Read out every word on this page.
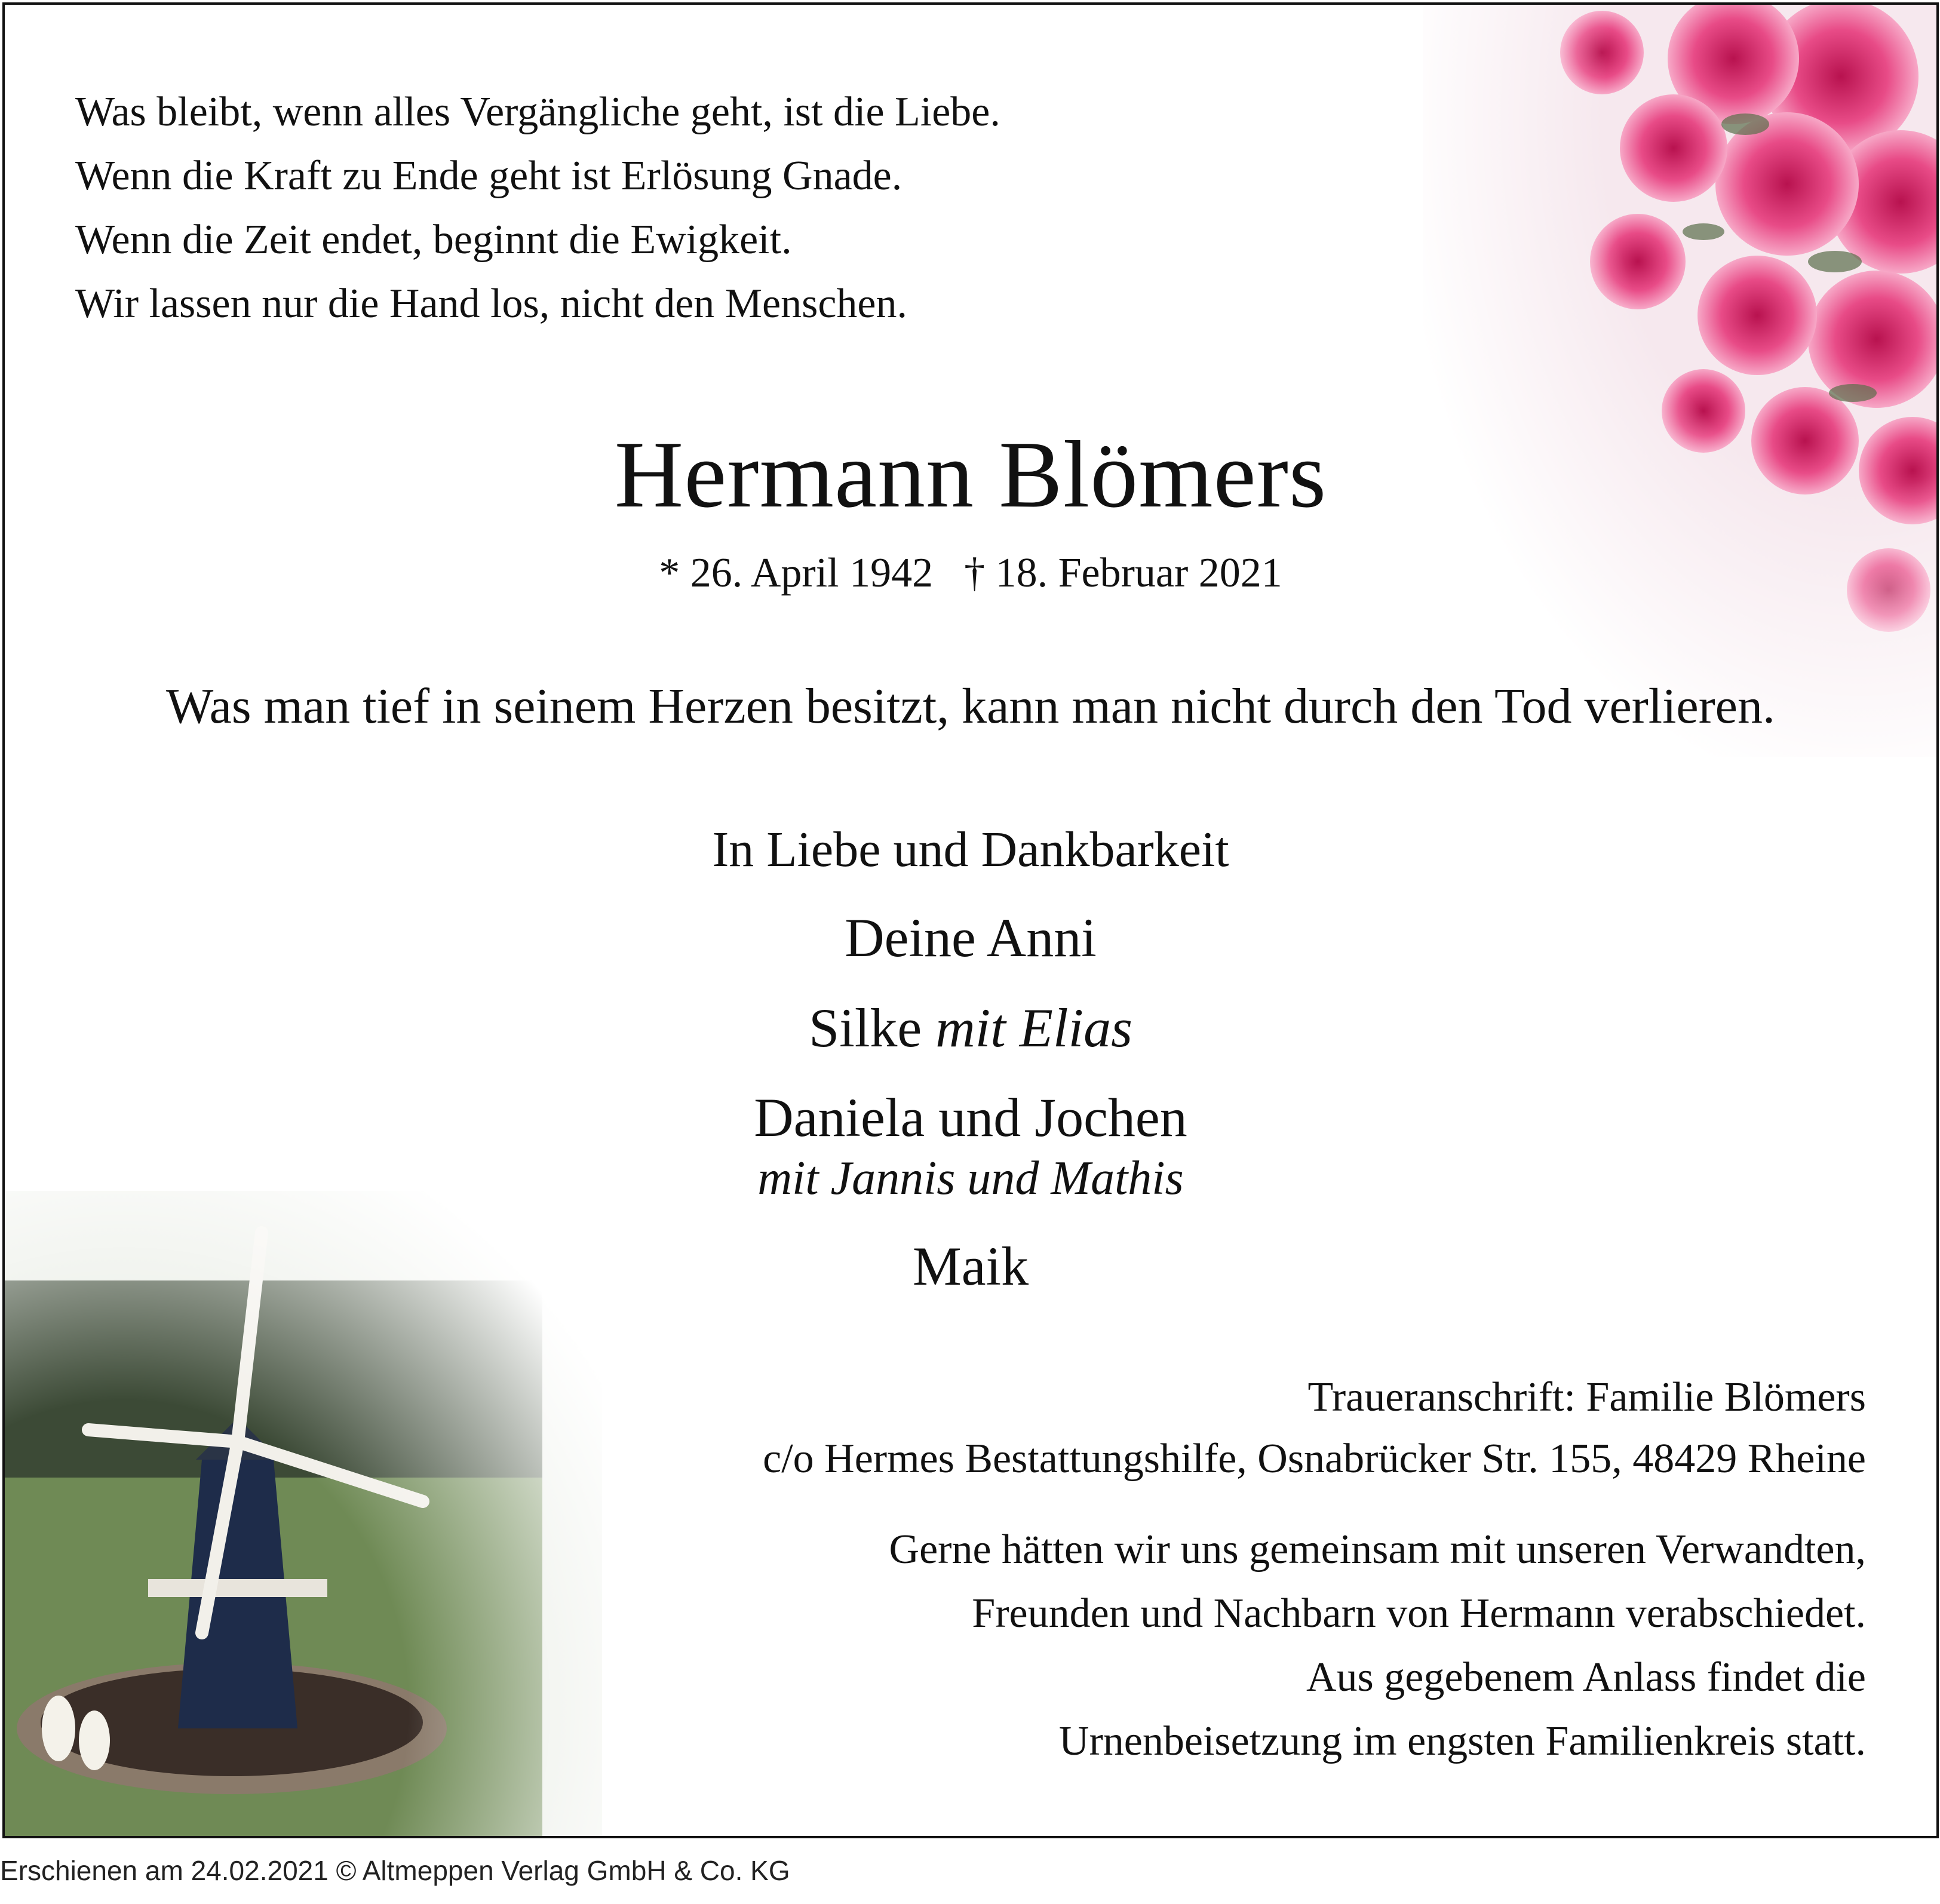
Was bleibt, wenn alles Vergängliche geht, ist die Liebe.
Wenn die Kraft zu Ende geht ist Erlösung Gnade.
Wenn die Zeit endet, beginnt die Ewigkeit.
Wir lassen nur die Hand los, nicht den Menschen.
Hermann Blömers
* 26. April 1942 † 18. Februar 2021
Was man tief in seinem Herzen besitzt, kann man nicht durch den Tod verlieren.
In Liebe und Dankbarkeit
Deine Anni
Silke mit Elias
Daniela und Jochen
mit Jannis und Mathis
Maik
Traueranschrift: Familie Blömers
c/o Hermes Bestattungshilfe, Osnabrücker Str. 155, 48429 Rheine
Gerne hätten wir uns gemeinsam mit unseren Verwandten,
Freunden und Nachbarn von Hermann verabschiedet.
Aus gegebenem Anlass findet die
Urnenbeisetzung im engsten Familienkreis statt.
Erschienen am 24.02.2021 © Altmeppen Verlag GmbH & Co. KG
